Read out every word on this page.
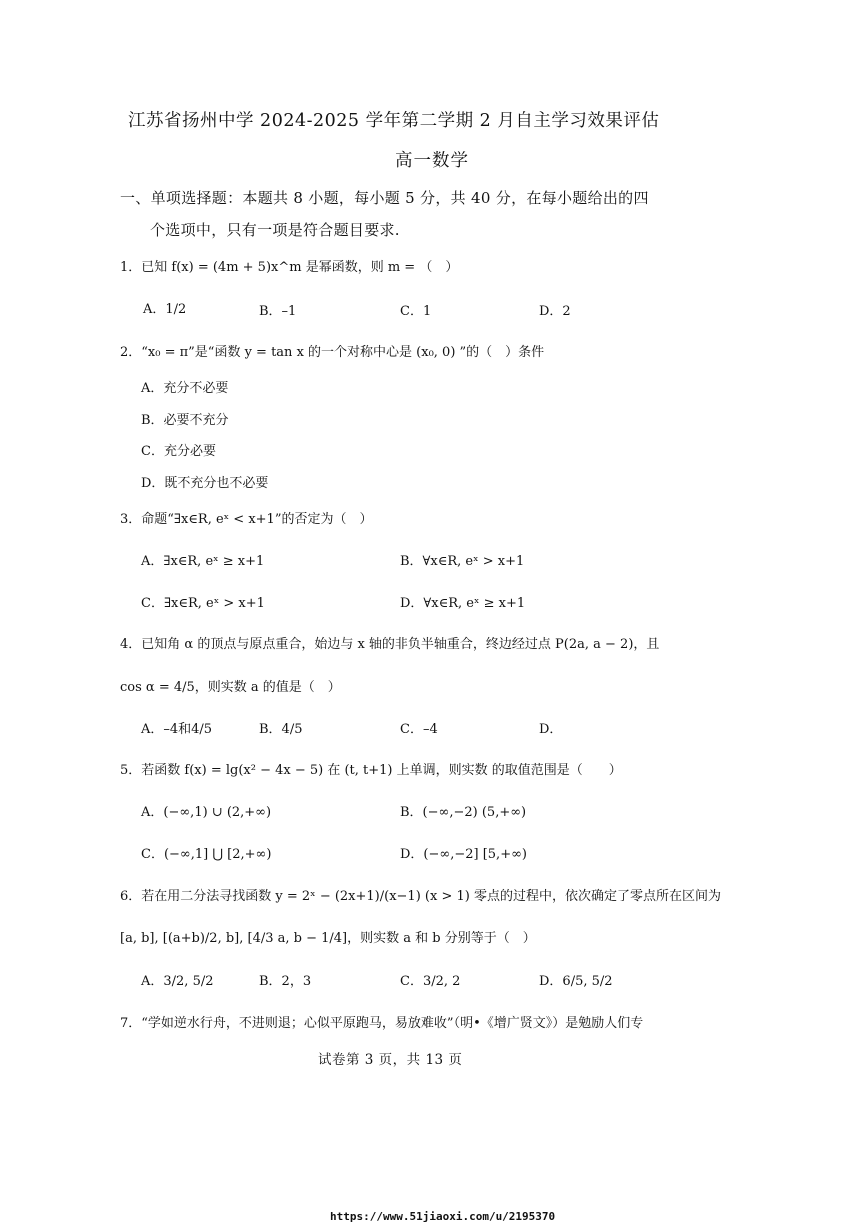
江苏省扬州中学 2024-2025 学年第二学期 2 月自主学习效果评估
高一数学
一、单项选择题：本题共 8 小题，每小题 5 分，共 40 分，在每小题给出的四
个选项中，只有一项是符合题目要求.
1．已知 f(x) = (4m + 5)x^m 是幂函数，则 m = （　）
A．1/2	B．–1	C．1	D．2
2．“x₀ = π”是“函数 y = tan x 的一个对称中心是 (x₀, 0) ”的（　）条件
A．充分不必要
B．必要不充分
C．充分必要
D．既不充分也不必要
3．命题“∃x∈R, eˣ < x+1”的否定为（　）
A．∃x∈R, eˣ ≥ x+1	B．∀x∈R, eˣ > x+1
C．∃x∈R, eˣ > x+1	D．∀x∈R, eˣ ≥ x+1
4．已知角 α 的顶点与原点重合，始边与 x 轴的非负半轴重合，终边经过点 P(2a, a − 2)，且
cos α = 4/5，则实数 a 的值是（　）
A．–4和4/5	B．4/5	C．–4	D．
5．若函数 f(x) = lg(x² − 4x − 5) 在 (t, t+1) 上单调，则实数 的取值范围是（　　）
A．(−∞,1) ∪ (2,+∞)	B．(−∞,−2) (5,+∞)
C．(−∞,1] ⋃ [2,+∞)	D．(−∞,−2] [5,+∞)
6．若在用二分法寻找函数 y = 2ˣ − (2x+1)/(x−1) (x > 1) 零点的过程中，依次确定了零点所在区间为
[a, b], [(a+b)/2, b], [4/3 a, b − 1/4]，则实数 a 和 b 分别等于（　）
A．3/2, 5/2	B．2，3	C．3/2, 2	D．6/5, 5/2
7．“学如逆水行舟，不进则退；心似平原跑马，易放难收”（明•《增广贤文》）是勉励人们专
试卷第 3 页，共 13 页
https://www.51jiaoxi.com/u/2195370
